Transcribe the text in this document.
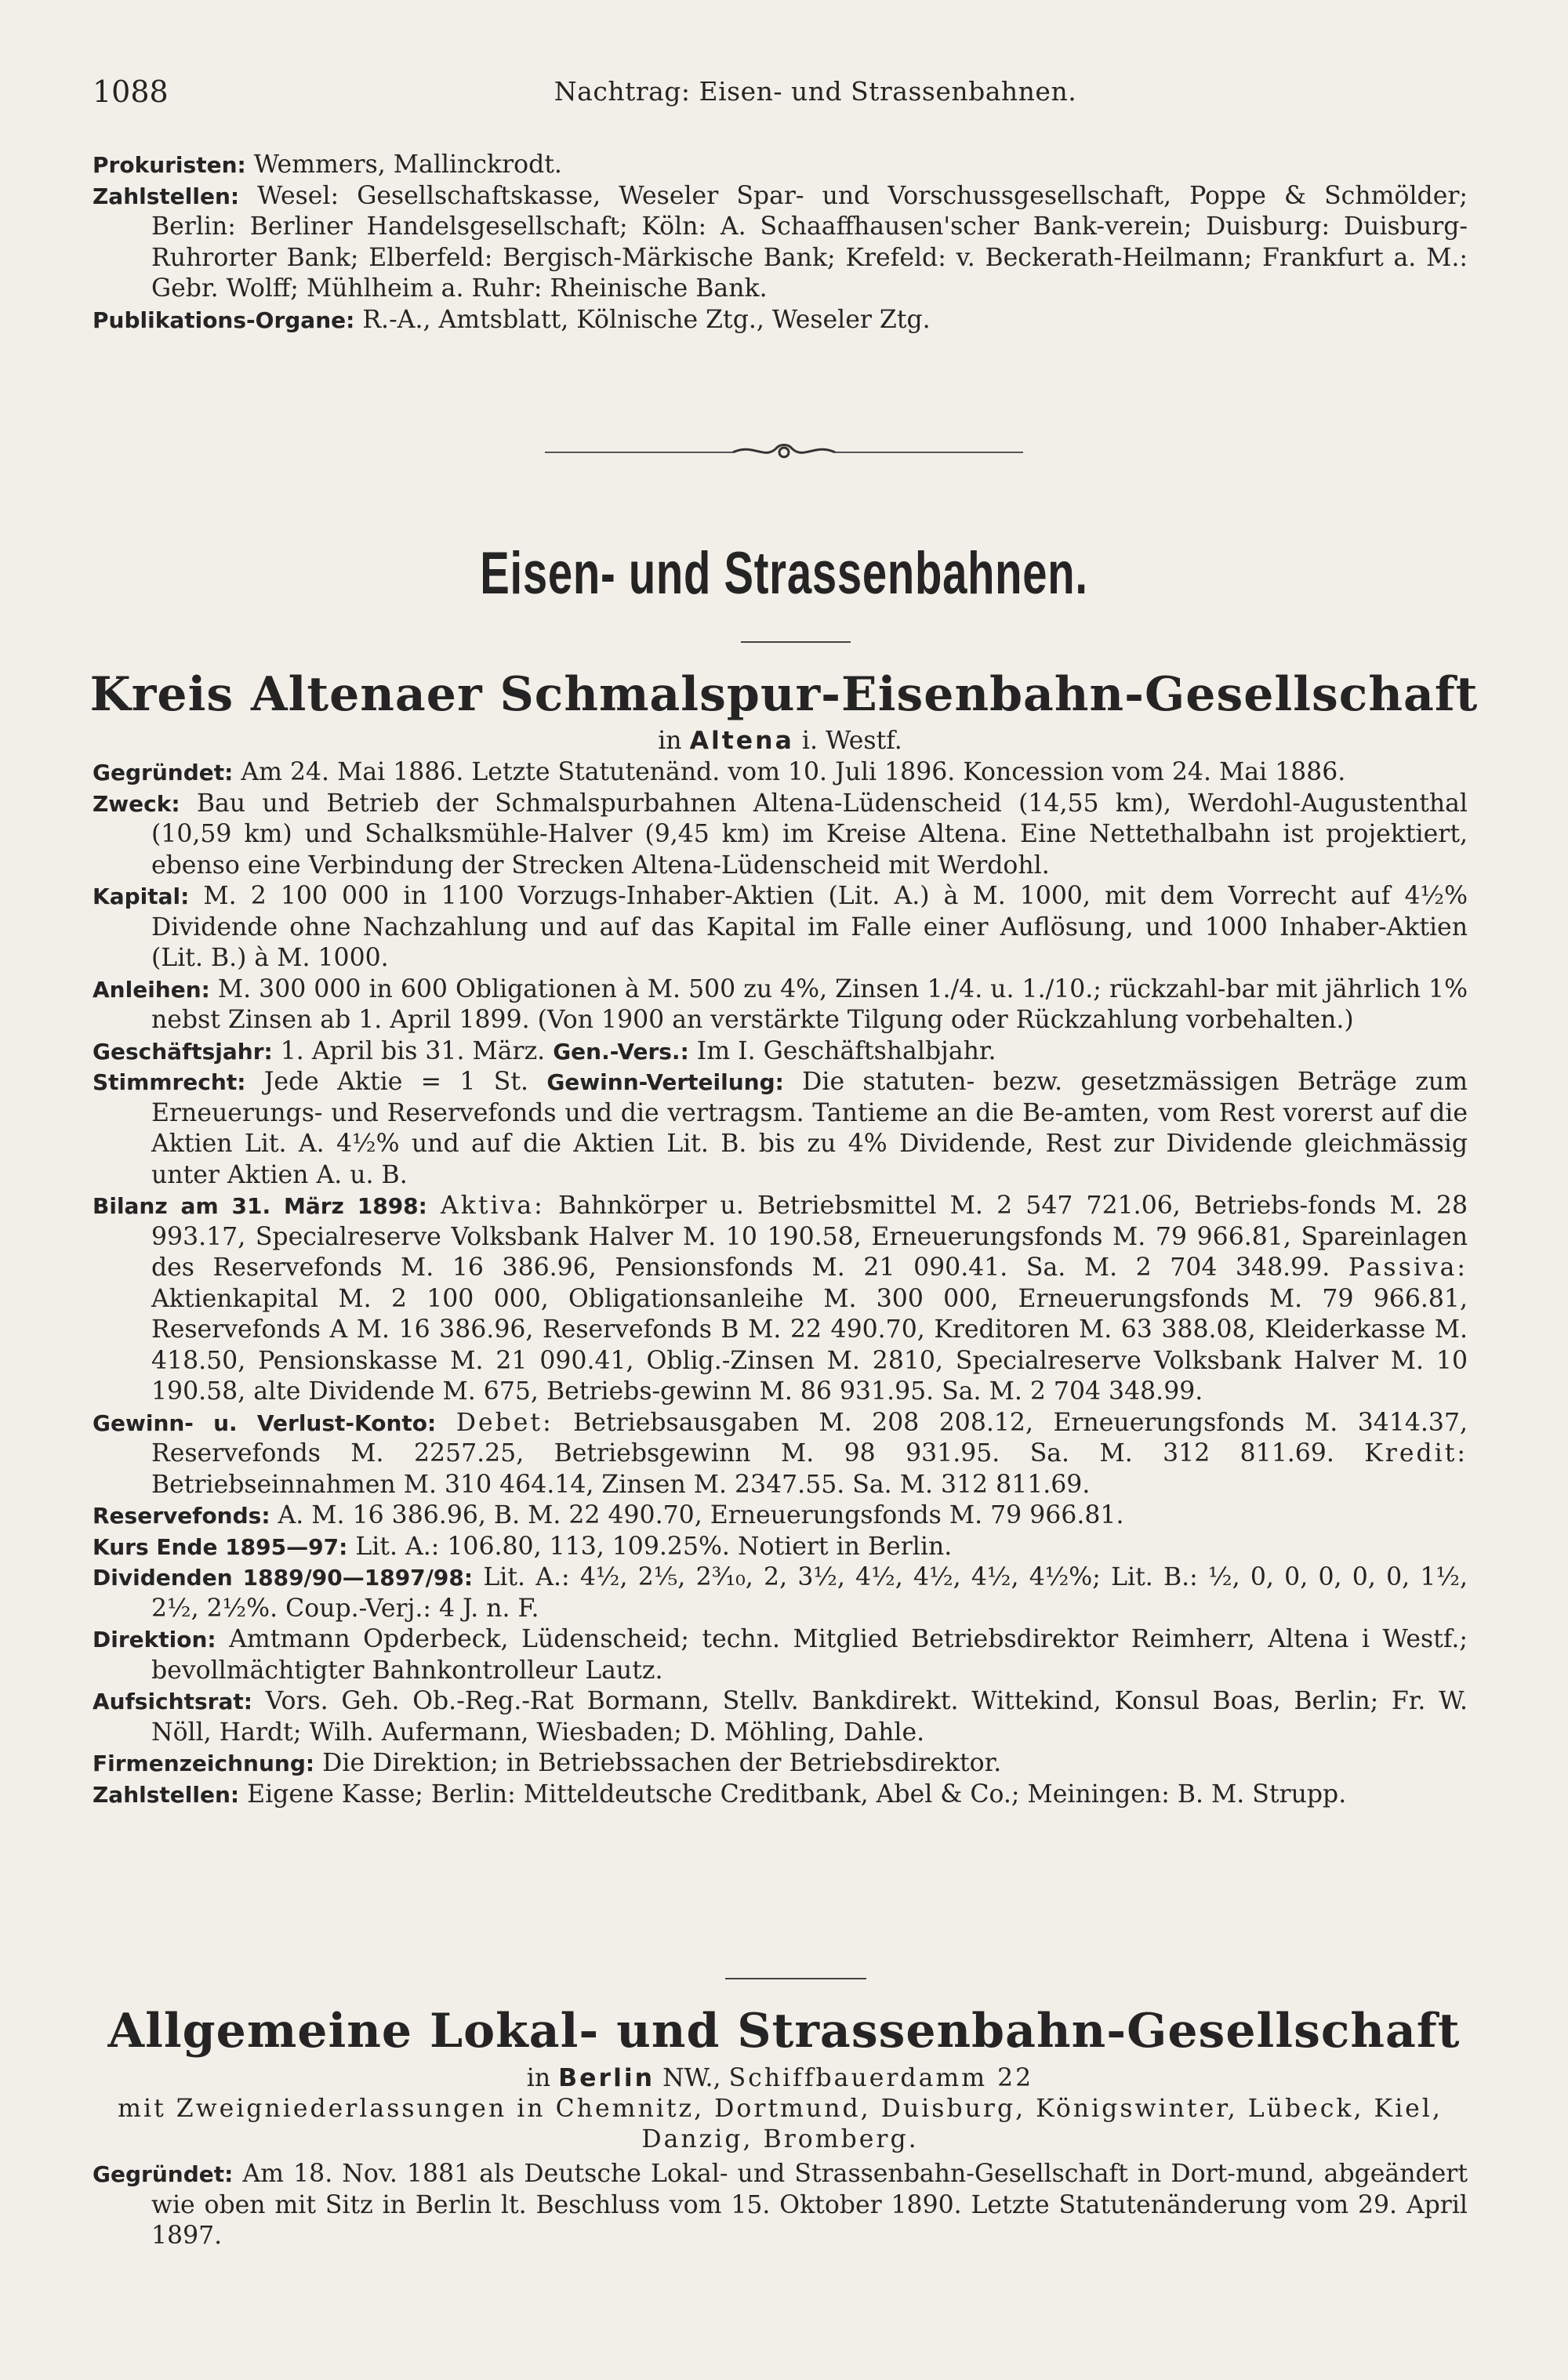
1088	Nachtrag: Eisen- und Strassenbahnen.
Prokuristen: Wemmers, Mallinckrodt.
Zahlstellen: Wesel: Gesellschaftskasse, Weseler Spar- und Vorschussgesellschaft, Poppe & Schmölder; Berlin: Berliner Handelsgesellschaft; Köln: A. Schaaffhausen'scher Bank-verein; Duisburg: Duisburg-Ruhrorter Bank; Elberfeld: Bergisch-Märkische Bank; Krefeld: v. Beckerath-Heilmann; Frankfurt a. M.: Gebr. Wolff; Mühlheim a. Ruhr: Rheinische Bank.
Publikations-Organe: R.-A., Amtsblatt, Kölnische Ztg., Weseler Ztg.
Eisen- und Strassenbahnen.
Kreis Altenaer Schmalspur-Eisenbahn-Gesellschaft
in Altena i. Westf.
Gegründet: Am 24. Mai 1886. Letzte Statutenänd. vom 10. Juli 1896. Koncession vom 24. Mai 1886.
Zweck: Bau und Betrieb der Schmalspurbahnen Altena-Lüdenscheid (14,55 km), Werdohl-Augustenthal (10,59 km) und Schalksmühle-Halver (9,45 km) im Kreise Altena. Eine Nettethalbahn ist projektiert, ebenso eine Verbindung der Strecken Altena-Lüdenscheid mit Werdohl.
Kapital: M. 2 100 000 in 1100 Vorzugs-Inhaber-Aktien (Lit. A.) à M. 1000, mit dem Vorrecht auf 4½% Dividende ohne Nachzahlung und auf das Kapital im Falle einer Auflösung, und 1000 Inhaber-Aktien (Lit. B.) à M. 1000.
Anleihen: M. 300 000 in 600 Obligationen à M. 500 zu 4%, Zinsen 1./4. u. 1./10.; rückzahl-bar mit jährlich 1% nebst Zinsen ab 1. April 1899. (Von 1900 an verstärkte Tilgung oder Rückzahlung vorbehalten.)
Geschäftsjahr: 1. April bis 31. März. Gen.-Vers.: Im I. Geschäftshalbjahr.
Stimmrecht: Jede Aktie = 1 St. Gewinn-Verteilung: Die statuten- bezw. gesetzmässigen Beträge zum Erneuerungs- und Reservefonds und die vertragsm. Tantieme an die Be-amten, vom Rest vorerst auf die Aktien Lit. A. 4½% und auf die Aktien Lit. B. bis zu 4% Dividende, Rest zur Dividende gleichmässig unter Aktien A. u. B.
Bilanz am 31. März 1898: Aktiva: Bahnkörper u. Betriebsmittel M. 2 547 721.06, Betriebs-fonds M. 28 993.17, Specialreserve Volksbank Halver M. 10 190.58, Erneuerungsfonds M. 79 966.81, Spareinlagen des Reservefonds M. 16 386.96, Pensionsfonds M. 21 090.41. Sa. M. 2 704 348.99. Passiva: Aktienkapital M. 2 100 000, Obligationsanleihe M. 300 000, Erneuerungsfonds M. 79 966.81, Reservefonds A M. 16 386.96, Reservefonds B M. 22 490.70, Kreditoren M. 63 388.08, Kleiderkasse M. 418.50, Pensionskasse M. 21 090.41, Oblig.-Zinsen M. 2810, Specialreserve Volksbank Halver M. 10 190.58, alte Dividende M. 675, Betriebs-gewinn M. 86 931.95. Sa. M. 2 704 348.99.
Gewinn- u. Verlust-Konto: Debet: Betriebsausgaben M. 208 208.12, Erneuerungsfonds M. 3414.37, Reservefonds M. 2257.25, Betriebsgewinn M. 98 931.95. Sa. M. 312 811.69. Kredit: Betriebseinnahmen M. 310 464.14, Zinsen M. 2347.55. Sa. M. 312 811.69.
Reservefonds: A. M. 16 386.96, B. M. 22 490.70, Erneuerungsfonds M. 79 966.81.
Kurs Ende 1895—97: Lit. A.: 106.80, 113, 109.25%. Notiert in Berlin.
Dividenden 1889/90—1897/98: Lit. A.: 4½, 2⅕, 2³⁄₁₀, 2, 3½, 4½, 4½, 4½, 4½%; Lit. B.: ½, 0, 0, 0, 0, 0, 1½, 2½, 2½%. Coup.-Verj.: 4 J. n. F.
Direktion: Amtmann Opderbeck, Lüdenscheid; techn. Mitglied Betriebsdirektor Reimherr, Altena i Westf.; bevollmächtigter Bahnkontrolleur Lautz.
Aufsichtsrat: Vors. Geh. Ob.-Reg.-Rat Bormann, Stellv. Bankdirekt. Wittekind, Konsul Boas, Berlin; Fr. W. Nöll, Hardt; Wilh. Aufermann, Wiesbaden; D. Möhling, Dahle.
Firmenzeichnung: Die Direktion; in Betriebssachen der Betriebsdirektor.
Zahlstellen: Eigene Kasse; Berlin: Mitteldeutsche Creditbank, Abel & Co.; Meiningen: B. M. Strupp.
Allgemeine Lokal- und Strassenbahn-Gesellschaft
in Berlin NW., Schiffbauerdamm 22
mit Zweigniederlassungen in Chemnitz, Dortmund, Duisburg, Königswinter, Lübeck, Kiel, Danzig, Bromberg.
Gegründet: Am 18. Nov. 1881 als Deutsche Lokal- und Strassenbahn-Gesellschaft in Dort-mund, abgeändert wie oben mit Sitz in Berlin lt. Beschluss vom 15. Oktober 1890. Letzte Statutenänderung vom 29. April 1897.
